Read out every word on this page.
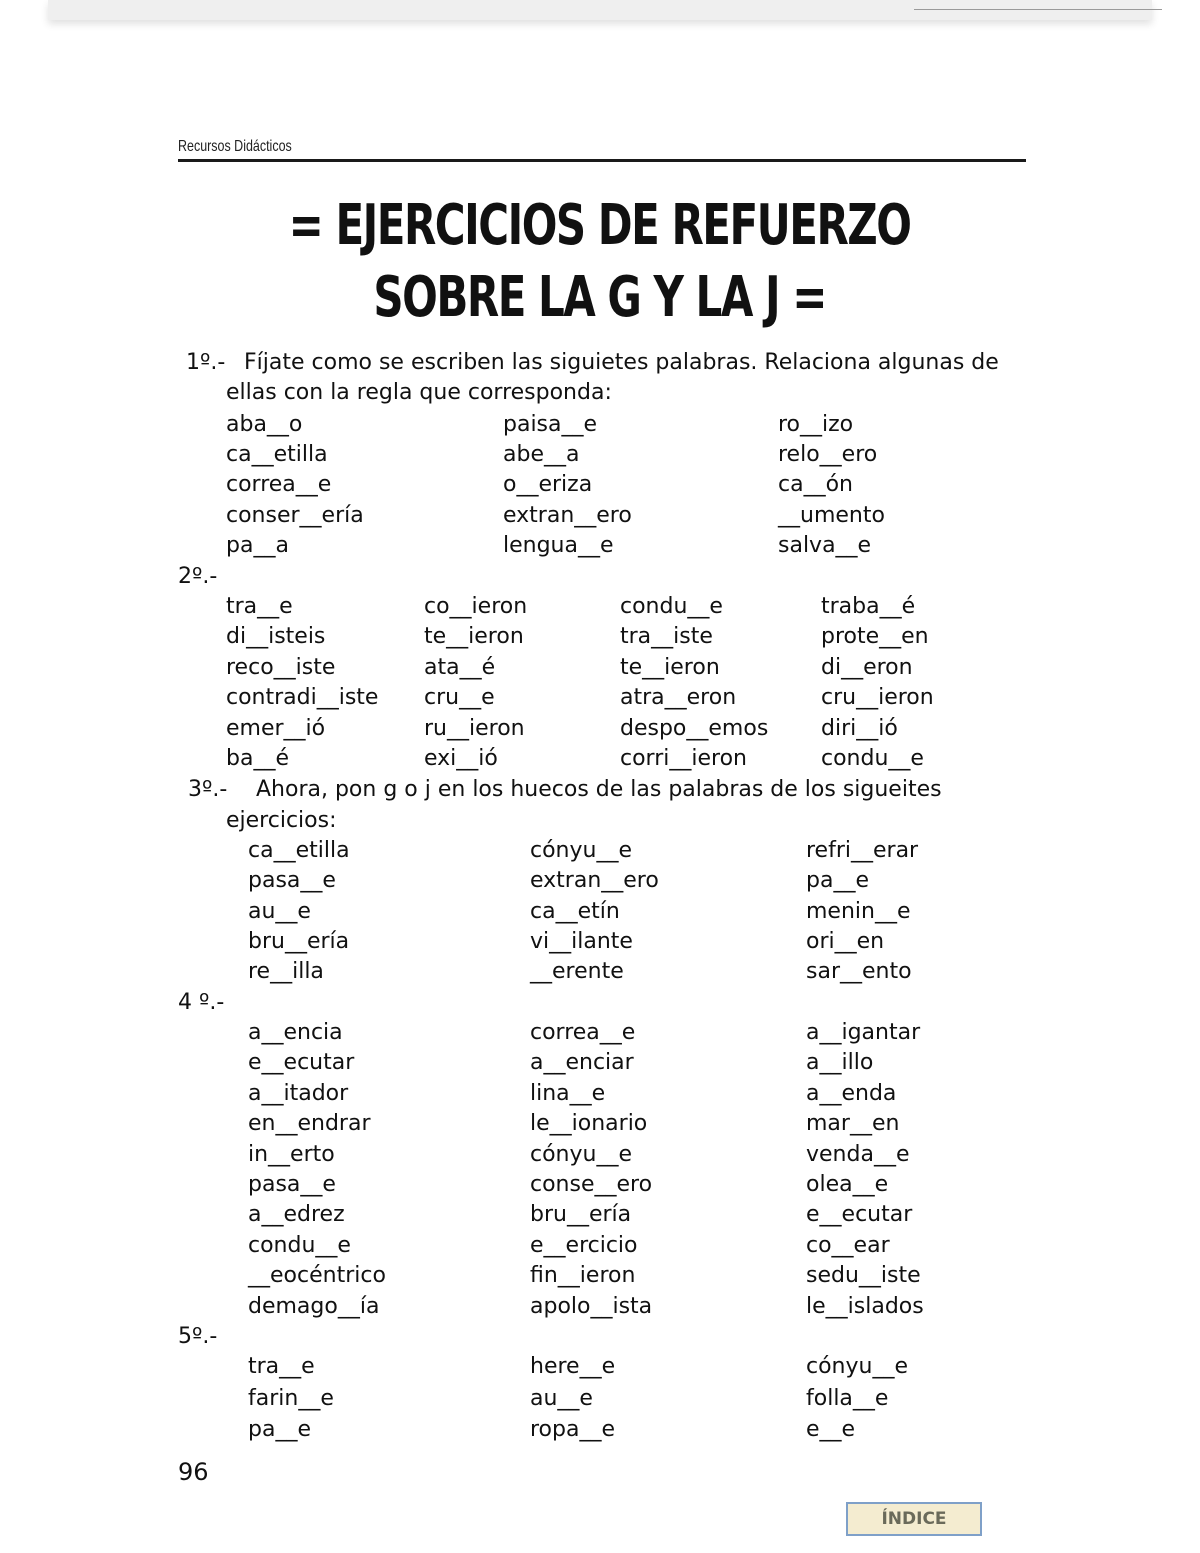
Recursos Didácticos
= EJERCICIOS DE REFUERZO
SOBRE LA G Y LA J =
1º.- Fíjate como se escriben las siguietes palabras. Relaciona algunas de
ellas con la regla que corresponda:
2º.-
3º.- Ahora, pon g o j en los huecos de las palabras de los sigueites
ejercicios:
4 º.-
5º.-
aba__o
ca__etilla
correa__e
conser__ería
pa__a
paisa__e
abe__a
o__eriza
extran__ero
lengua__e
ro__izo
relo__ero
ca__ón
__umento
salva__e
tra__e
di__isteis
reco__iste
contradi__iste
emer__ió
ba__é
co__ieron
te__ieron
ata__é
cru__e
ru__ieron
exi__ió
condu__e
tra__iste
te__ieron
atra__eron
despo__emos
corri__ieron
traba__é
prote__en
di__eron
cru__ieron
diri__ió
condu__e
ca__etilla
pasa__e
au__e
bru__ería
re__illa
cónyu__e
extran__ero
ca__etín
vi__ilante
__erente
refri__erar
pa__e
menin__e
ori__en
sar__ento
a__encia
e__ecutar
a__itador
en__endrar
in__erto
pasa__e
a__edrez
condu__e
__eocéntrico
demago__ía
correa__e
a__enciar
lina__e
le__ionario
cónyu__e
conse__ero
bru__ería
e__ercicio
fin__ieron
apolo__ista
a__igantar
a__illo
a__enda
mar__en
venda__e
olea__e
e__ecutar
co__ear
sedu__iste
le__islados
tra__e
farin__e
pa__e
here__e
au__e
ropa__e
cónyu__e
folla__e
e__e
96
ÍNDICE
